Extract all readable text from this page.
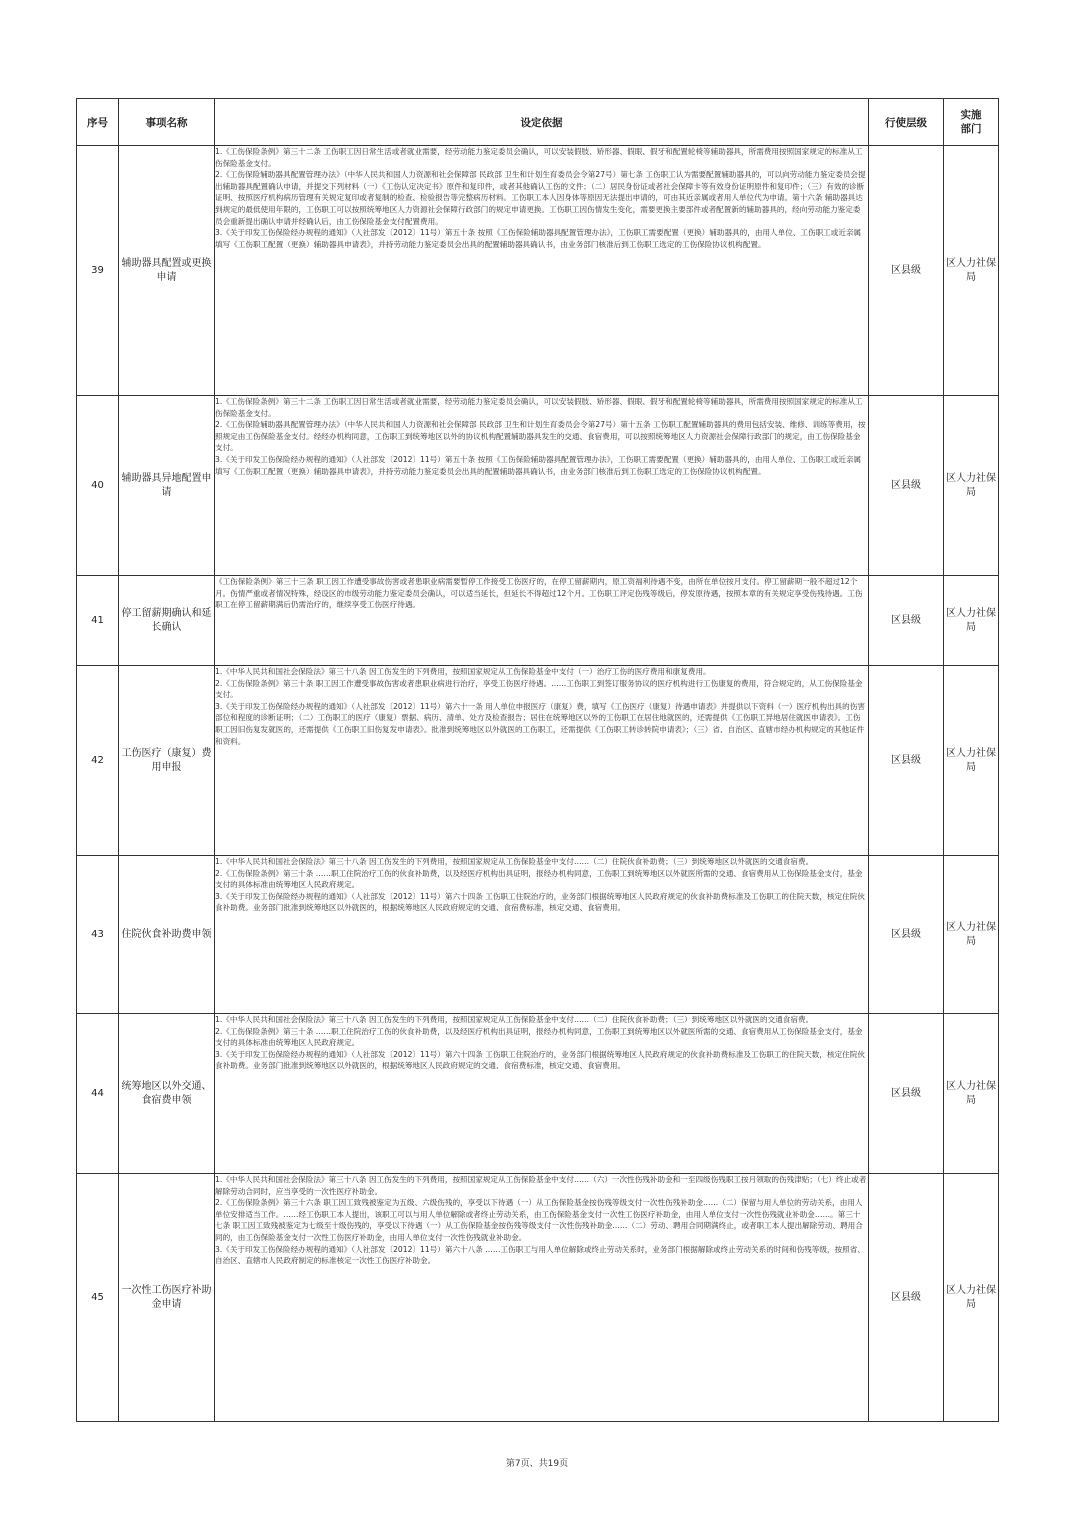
序号	事项名称	设定依据	行使层级	实施　部门
39	辅助器具配置或更换申请	1.《工伤保险条例》第三十二条 工伤职工因日常生活或者就业需要，经劳动能力鉴定委员会确认，可以安装假肢、矫形器、假眼、假牙和配置轮椅等辅助器具，所需费用按照国家规定的标准从工伤保险基金支付。
2.《工伤保险辅助器具配置管理办法》（中华人民共和国人力资源和社会保障部 民政部 卫生和计划生育委员会令第27号）第七条 工伤职工认为需要配置辅助器具的，可以向劳动能力鉴定委员会提出辅助器具配置确认申请，并提交下列材料（一）《工伤认定决定书》原件和复印件，或者其他确认工伤的文件；（二）居民身份证或者社会保障卡等有效身份证明原件和复印件；（三）有效的诊断证明、按照医疗机构病历管理有关规定复印或者复制的检查、检验报告等完整病历材料。工伤职工本人因身体等原因无法提出申请的，可由其近亲属或者用人单位代为申请。第十六条 辅助器具达到规定的最低使用年限的，工伤职工可以按照统筹地区人力资源社会保障行政部门的规定申请更换。工伤职工因伤情发生变化，需要更换主要部件或者配置新的辅助器具的，经向劳动能力鉴定委员会重新提出确认申请并经确认后，由工伤保险基金支付配置费用。
3.《关于印发工伤保险经办规程的通知》（人社部发〔2012〕11号）第五十条 按照《工伤保险辅助器具配置管理办法》，工伤职工需要配置（更换）辅助器具的，由用人单位、工伤职工或近亲属填写《工伤职工配置（更换）辅助器具申请表》，并持劳动能力鉴定委员会出具的配置辅助器具确认书，由业务部门核准后到工伤职工选定的工伤保险协议机构配置。	区县级	区人力社保局
40	辅助器具异地配置申请	1.《工伤保险条例》第三十二条 工伤职工因日常生活或者就业需要，经劳动能力鉴定委员会确认，可以安装假肢、矫形器、假眼、假牙和配置轮椅等辅助器具，所需费用按照国家规定的标准从工伤保险基金支付。
2.《工伤保险辅助器具配置管理办法》（中华人民共和国人力资源和社会保障部 民政部 卫生和计划生育委员会令第27号）第十五条 工伤职工配置辅助器具的费用包括安装、维修、训练等费用，按照规定由工伤保险基金支付。经经办机构同意，工伤职工到统筹地区以外的协议机构配置辅助器具发生的交通、食宿费用，可以按照统筹地区人力资源社会保障行政部门的规定，由工伤保险基金支付。
3.《关于印发工伤保险经办规程的通知》（人社部发〔2012〕11号）第五十条 按照《工伤保险辅助器具配置管理办法》，工伤职工需要配置（更换）辅助器具的，由用人单位、工伤职工或近亲属填写《工伤职工配置（更换）辅助器具申请表》，并持劳动能力鉴定委员会出具的配置辅助器具确认书，由业务部门核准后到工伤职工选定的工伤保险协议机构配置。	区县级	区人力社保局
41	停工留薪期确认和延长确认	《工伤保险条例》第三十三条 职工因工作遭受事故伤害或者患职业病需要暂停工作接受工伤医疗的，在停工留薪期内，原工资福利待遇不变，由所在单位按月支付。停工留薪期一般不超过12个月。伤情严重或者情况特殊，经设区的市级劳动能力鉴定委员会确认，可以适当延长，但延长不得超过12个月。工伤职工评定伤残等级后，停发原待遇，按照本章的有关规定享受伤残待遇。工伤职工在停工留薪期满后仍需治疗的，继续享受工伤医疗待遇。	区县级	区人力社保局
42	工伤医疗（康复）费用申报	1.《中华人民共和国社会保险法》第三十八条 因工伤发生的下列费用，按照国家规定从工伤保险基金中支付（一）治疗工伤的医疗费用和康复费用。
2.《工伤保险条例》第三十条 职工因工作遭受事故伤害或者患职业病进行治疗，享受工伤医疗待遇。……工伤职工到签订服务协议的医疗机构进行工伤康复的费用，符合规定的，从工伤保险基金支付。
3.《关于印发工伤保险经办规程的通知》（人社部发〔2012〕11号）第六十一条 用人单位申报医疗（康复）费，填写《工伤医疗（康复）待遇申请表》并提供以下资料（一）医疗机构出具的伤害部位和程度的诊断证明；（二）工伤职工的医疗（康复）票据、病历、清单、处方及检查报告；居住在统筹地区以外的工伤职工在居住地就医的，还需提供《工伤职工异地居住就医申请表》。工伤职工因旧伤复发就医的，还需提供《工伤职工旧伤复发申请表》。批准到统筹地区以外就医的工伤职工，还需提供《工伤职工转诊转院申请表》；（三）省、自治区、直辖市经办机构规定的其他证件和资料。	区县级	区人力社保局
43	住院伙食补助费申领	1.《中华人民共和国社会保险法》第三十八条 因工伤发生的下列费用，按照国家规定从工伤保险基金中支付……（二）住院伙食补助费；（三）到统筹地区以外就医的交通食宿费。
2.《工伤保险条例》第三十条 ……职工住院治疗工伤的伙食补助费，以及经医疗机构出具证明，报经办机构同意，工伤职工到统筹地区以外就医所需的交通、食宿费用从工伤保险基金支付，基金支付的具体标准由统筹地区人民政府规定。
3.《关于印发工伤保险经办规程的通知》（人社部发〔2012〕11号）第六十四条 工伤职工住院治疗的，业务部门根据统筹地区人民政府规定的伙食补助费标准及工伤职工的住院天数，核定住院伙食补助费。业务部门批准到统筹地区以外就医的，根据统筹地区人民政府规定的交通、食宿费标准，核定交通、食宿费用。	区县级	区人力社保局
44	统筹地区以外交通、食宿费申领	1.《中华人民共和国社会保险法》第三十八条 因工伤发生的下列费用，按照国家规定从工伤保险基金中支付……（二）住院伙食补助费；（三）到统筹地区以外就医的交通食宿费。
2.《工伤保险条例》第三十条 ……职工住院治疗工伤的伙食补助费，以及经医疗机构出具证明，报经办机构同意，工伤职工到统筹地区以外就医所需的交通、食宿费用从工伤保险基金支付，基金支付的具体标准由统筹地区人民政府规定。
3.《关于印发工伤保险经办规程的通知》（人社部发〔2012〕11号）第六十四条 工伤职工住院治疗的，业务部门根据统筹地区人民政府规定的伙食补助费标准及工伤职工的住院天数，核定住院伙食补助费。业务部门批准到统筹地区以外就医的，根据统筹地区人民政府规定的交通、食宿费标准，核定交通、食宿费用。	区县级	区人力社保局
45	一次性工伤医疗补助金申请	1.《中华人民共和国社会保险法》第三十八条 因工伤发生的下列费用，按照国家规定从工伤保险基金中支付……（六）一次性伤残补助金和一至四级伤残职工按月领取的伤残津贴；（七）终止或者解除劳动合同时，应当享受的一次性医疗补助金。
2.《工伤保险条例》第三十六条 职工因工致残被鉴定为五级、六级伤残的，享受以下待遇（一）从工伤保险基金按伤残等级支付一次性伤残补助金……（二）保留与用人单位的劳动关系，由用人单位安排适当工作。……经工伤职工本人提出，该职工可以与用人单位解除或者终止劳动关系，由工伤保险基金支付一次性工伤医疗补助金，由用人单位支付一次性伤残就业补助金……。第三十七条 职工因工致残被鉴定为七级至十级伤残的，享受以下待遇（一）从工伤保险基金按伤残等级支付一次性伤残补助金……（二）劳动、聘用合同期满终止，或者职工本人提出解除劳动、聘用合同的，由工伤保险基金支付一次性工伤医疗补助金，由用人单位支付一次性伤残就业补助金。
3.《关于印发工伤保险经办规程的通知》（人社部发〔2012〕11号）第六十八条 ……工伤职工与用人单位解除或终止劳动关系时，业务部门根据解除或终止劳动关系的时间和伤残等级，按照省、自治区、直辖市人民政府制定的标准核定一次性工伤医疗补助金。	区县级	区人力社保局
第7页、共19页
